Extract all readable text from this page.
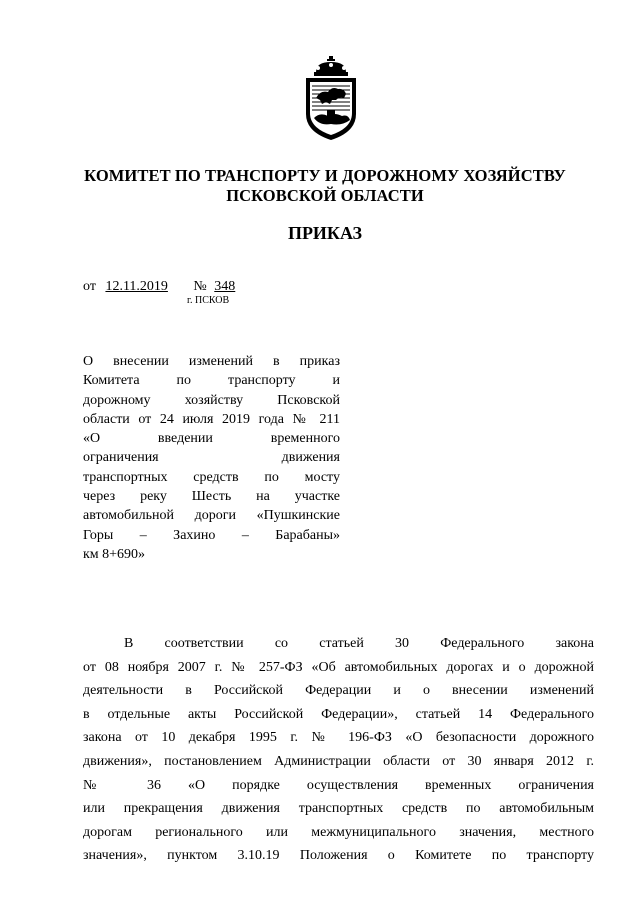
КОМИТЕТ ПО ТРАНСПОРТУ И ДОРОЖНОМУ ХОЗЯЙСТВУ
ПСКОВСКОЙ ОБЛАСТИ
ПРИКАЗ
от 12.11.2019 № 348
г. ПСКОВ
О внесении изменений в приказ
Комитета по транспорту и
дорожному хозяйству Псковской
области от 24 июля 2019 года № 211
«О введении временного
ограничения движения
транспортных средств по мосту
через реку Шесть на участке
автомобильной дороги «Пушкинские
Горы – Захино – Барабаны»
км 8+690»
В соответствии со статьей 30 Федерального закона
от 08 ноября 2007 г. № 257-ФЗ «Об автомобильных дорогах и о дорожной
деятельности в Российской Федерации и о внесении изменений
в отдельные акты Российской Федерации», статьей 14 Федерального
закона от 10 декабря 1995 г. № 196-ФЗ «О безопасности дорожного
движения», постановлением Администрации области от 30 января 2012 г.
№ 36 «О порядке осуществления временных ограничения
или прекращения движения транспортных средств по автомобильным
дорогам регионального или межмуниципального значения, местного
значения», пунктом 3.10.19 Положения о Комитете по транспорту
